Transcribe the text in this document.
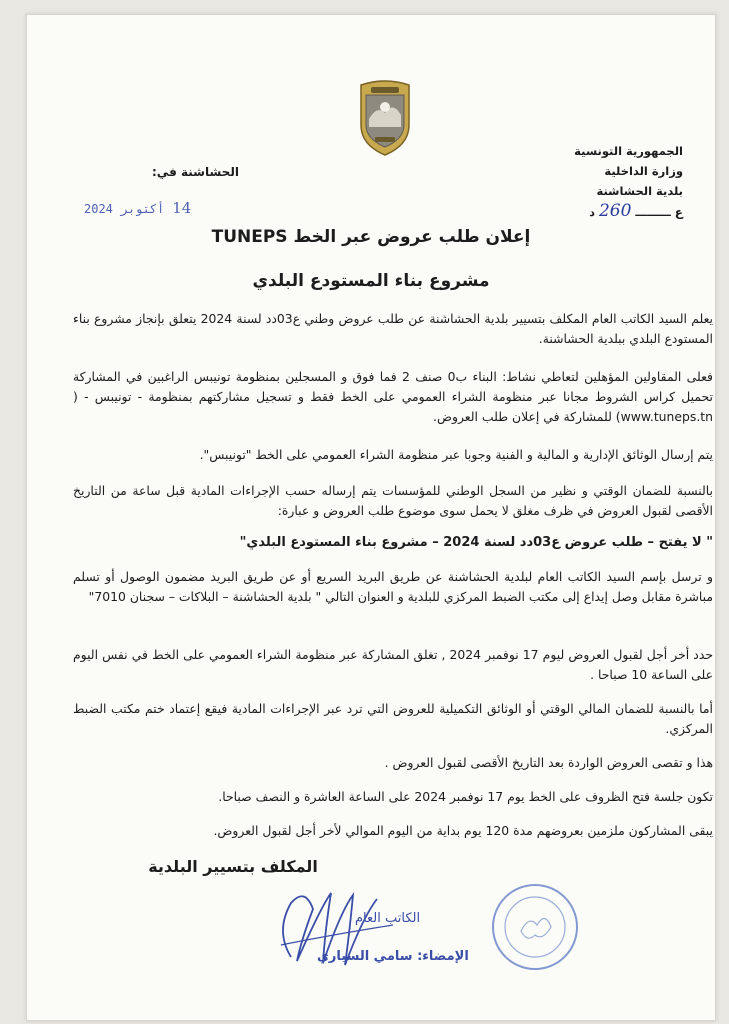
الجمهورية التونسية
وزارة الداخلية
بلدية الحشاشنة
ع
ـــــــــ
260
د
الحشاشنة في:
14
أكتوبر
2024
إعلان طلب عروض عبر الخط TUNEPS
مشروع بناء المستودع البلدي
يعلم السيد الكاتب العام المكلف بتسيير بلدية الحشاشنة عن طلب عروض وطني ع03دد لسنة 2024 يتعلق بإنجاز مشروع بناء المستودع البلدي ببلدية الحشاشنة.
فعلى المقاولين المؤهلين لتعاطي نشاط: البناء ب0 صنف 2 فما فوق و المسجلين بمنظومة تونيبس الراغبين في المشاركة تحميل كراس الشروط مجانا عبر منظومة الشراء العمومي على الخط فقط و تسجيل مشاركتهم بمنظومة - تونيبس - ( www.tuneps.tn) للمشاركة في إعلان طلب العروض.
يتم إرسال الوثائق الإدارية و المالية و الفنية وجوبا عبر منظومة الشراء العمومي على الخط "تونيبس".
بالنسبة للضمان الوقتي و نظير من السجل الوطني للمؤسسات يتم إرساله حسب الإجراءات المادية قبل ساعة من التاريخ الأقصى لقبول العروض في ظرف مغلق لا يحمل سوى موضوع طلب العروض و عبارة:
" لا يفتح – طلب عروض ع03دد لسنة 2024 – مشروع بناء المستودع البلدي"
و ترسل بإسم السيد الكاتب العام لبلدية الحشاشنة عن طريق البريد السريع أو عن طريق البريد مضمون الوصول أو تسلم مباشرة مقابل وصل إيداع إلى مكتب الضبط المركزي للبلدية و العنوان التالي " بلدية الحشاشنة – البلاكات – سجنان 7010"
حدد أخر أجل لقبول العروض ليوم 17 نوفمبر 2024 , تغلق المشاركة عبر منظومة الشراء العمومي على الخط في نفس اليوم على الساعة 10 صباحا .
أما بالنسبة للضمان المالي الوقتي أو الوثائق التكميلية للعروض التي ترد عبر الإجراءات المادية فيقع إعتماد ختم مكتب الضبط المركزي.
هذا و تقصى العروض الواردة بعد التاريخ الأقصى لقبول العروض .
تكون جلسة فتح الظروف على الخط يوم 17 نوفمبر 2024 على الساعة العاشرة و النصف صباحا.
يبقى المشاركون ملزمين بعروضهم مدة 120 يوم بداية من اليوم الموالي لأخر أجل لقبول العروض.
المكلف بتسيير البلدية
الكاتب العام
الإمضاء: سامي السياري
